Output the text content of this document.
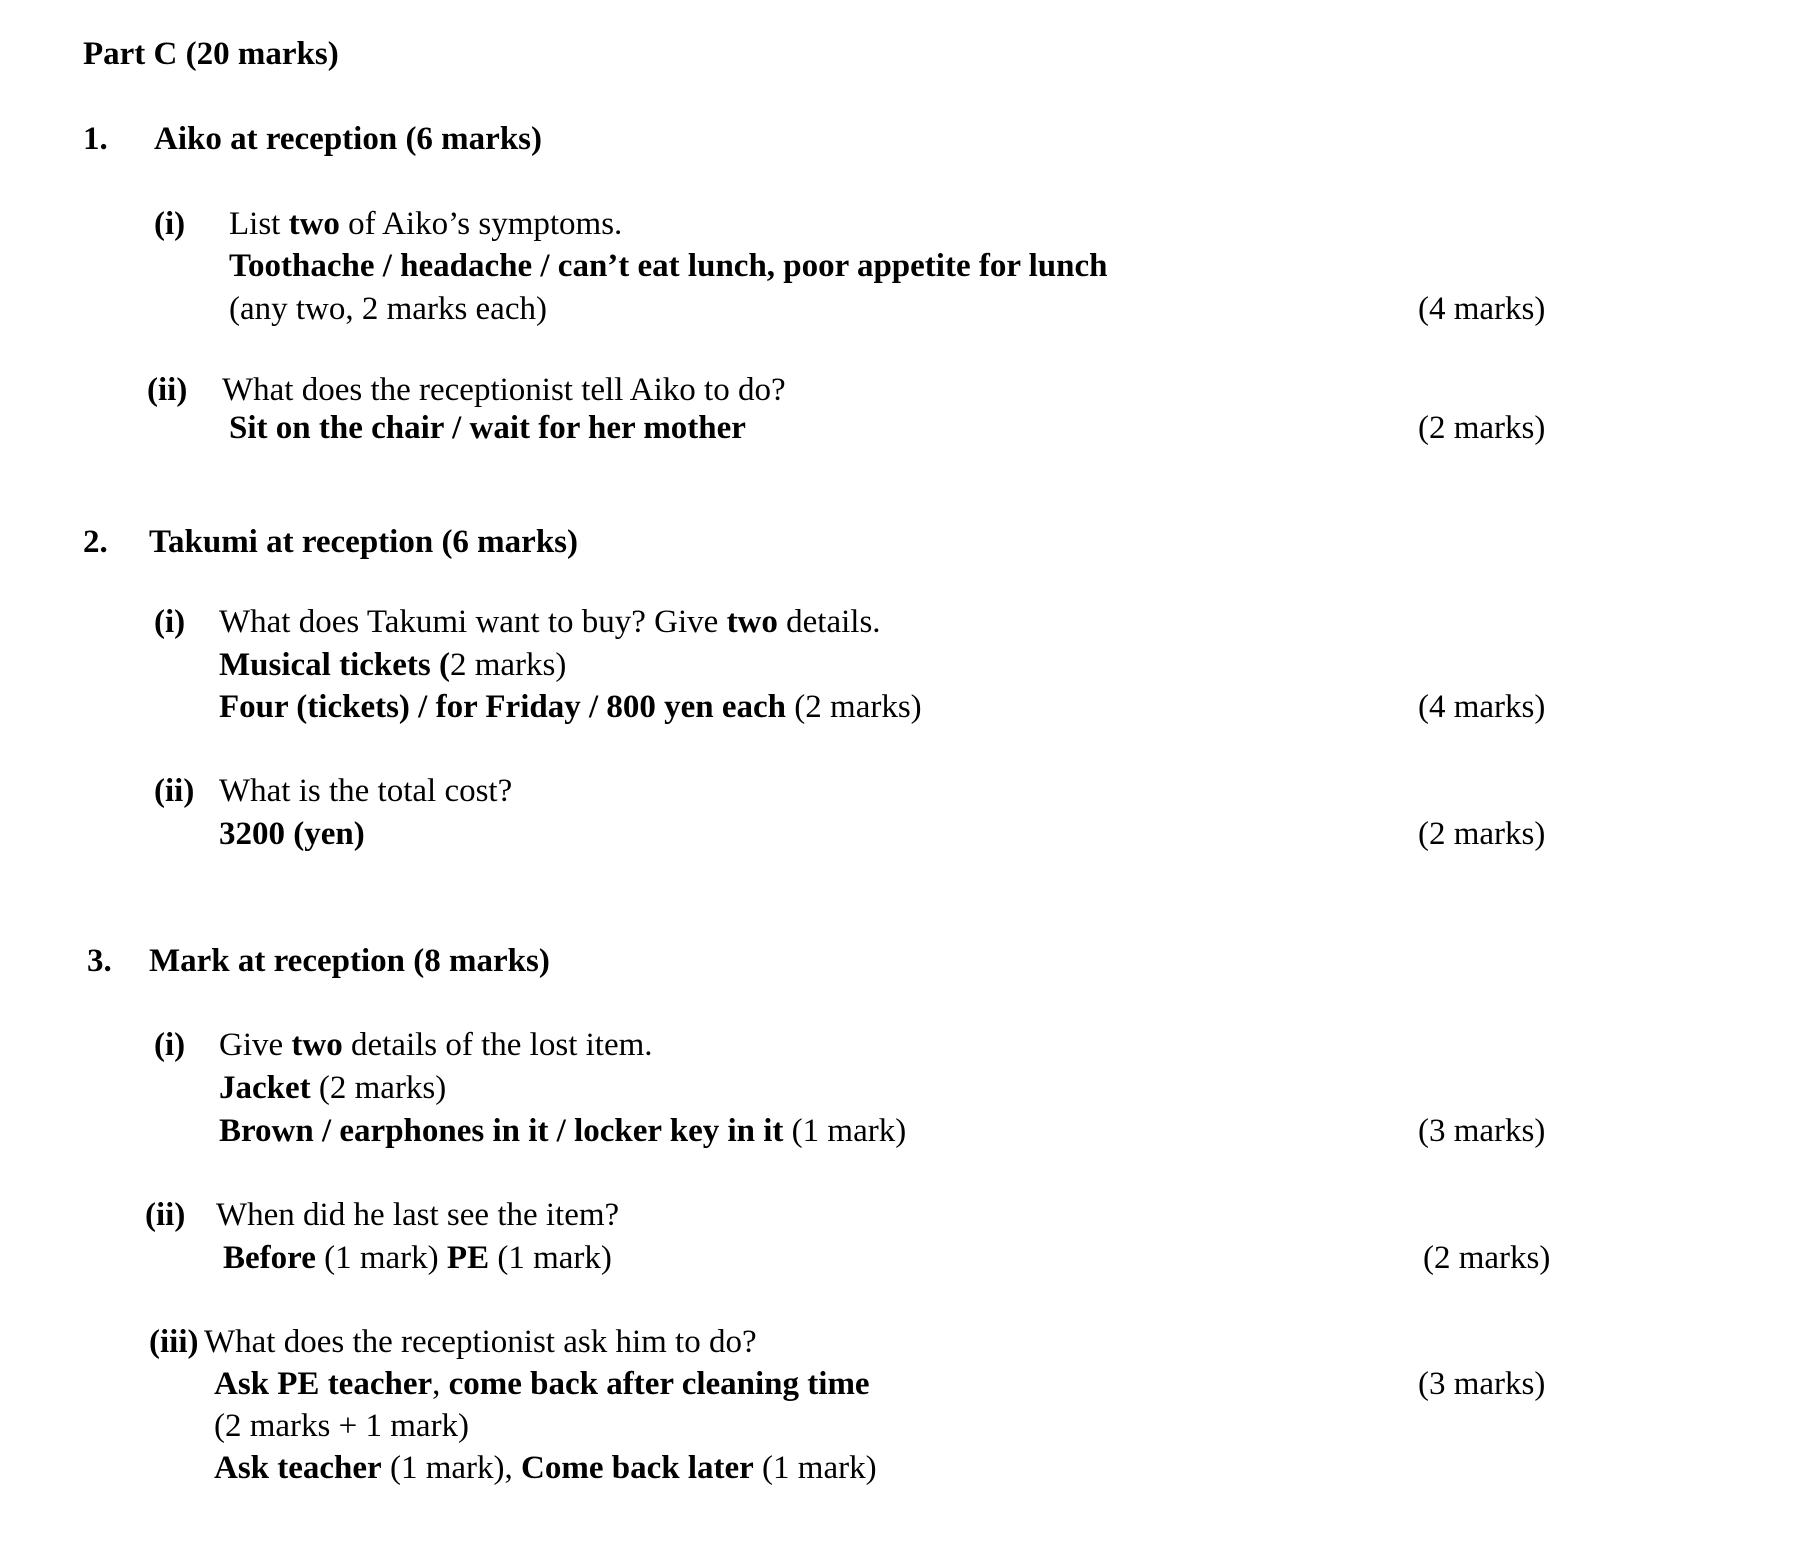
Part C (20 marks)
1. Aiko at reception (6 marks)
(i) List two of Aiko’s symptoms.
Toothache / headache / can’t eat lunch, poor appetite for lunch
(any two, 2 marks each)	(4 marks)
(ii) What does the receptionist tell Aiko to do?
Sit on the chair / wait for her mother	(2 marks)
2. Takumi at reception (6 marks)
(i) What does Takumi want to buy? Give two details.
Musical tickets (2 marks)
Four (tickets) / for Friday / 800 yen each (2 marks)	(4 marks)
(ii) What is the total cost?
3200 (yen)	(2 marks)
3. Mark at reception (8 marks)
(i) Give two details of the lost item.
Jacket (2 marks)
Brown / earphones in it / locker key in it (1 mark)	(3 marks)
(ii) When did he last see the item?
Before (1 mark) PE (1 mark)	(2 marks)
(iii) What does the receptionist ask him to do?
Ask PE teacher, come back after cleaning time	(3 marks)
(2 marks + 1 mark)
Ask teacher (1 mark), Come back later (1 mark)
